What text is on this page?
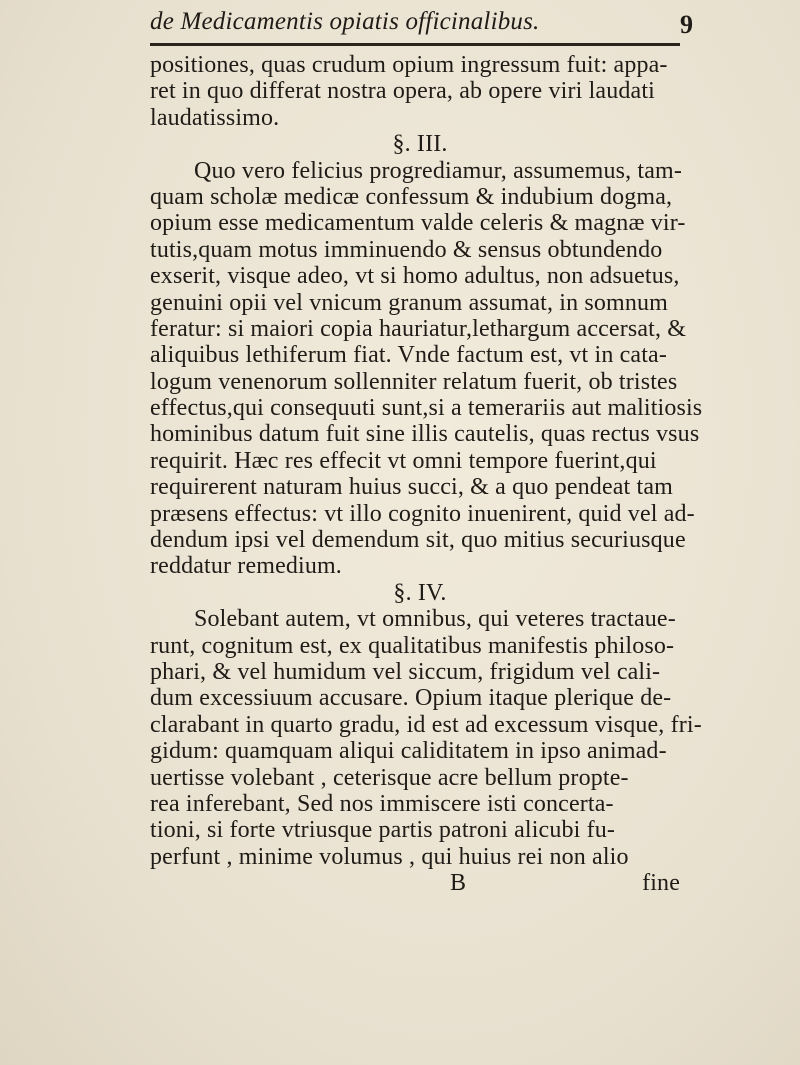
de Medicamentis opiatis officinalibus.	9
positiones, quas crudum opium ingressum fuit: appa-
ret in quo differat nostra opera, ab opere viri laudati
laudatissimo.
§. III.
Quo vero felicius progrediamur, assumemus, tam-
quam scholæ medicæ confessum & indubium dogma,
opium esse medicamentum valde celeris & magnæ vir-
tutis,quam motus imminuendo & sensus obtundendo
exserit, visque adeo, vt si homo adultus, non adsuetus,
genuini opii vel vnicum granum assumat, in somnum
feratur: si maiori copia hauriatur,lethargum accersat, &
aliquibus lethiferum fiat. Vnde factum est, vt in cata-
logum venenorum sollenniter relatum fuerit, ob tristes
effectus,qui consequuti sunt,si a temerariis aut malitiosis
hominibus datum fuit sine illis cautelis, quas rectus vsus
requirit. Hæc res effecit vt omni tempore fuerint,qui
requirerent naturam huius succi, & a quo pendeat tam
præsens effectus: vt illo cognito inuenirent, quid vel ad-
dendum ipsi vel demendum sit, quo mitius securiusque
reddatur remedium.
§. IV.
Solebant autem, vt omnibus, qui veteres tractaue-
runt, cognitum est, ex qualitatibus manifestis philoso-
phari, & vel humidum vel siccum, frigidum vel cali-
dum excessiuum accusare. Opium itaque plerique de-
clarabant in quarto gradu, id est ad excessum visque, fri-
gidum: quamquam aliqui caliditatem in ipso animad-
uertisse volebant , ceterisque acre bellum propte-
rea inferebant, Sed nos immiscere isti concerta-
tioni, si forte vtriusque partis patroni alicubi fu-
perfunt , minime volumus , qui huius rei non alio
B	fine
